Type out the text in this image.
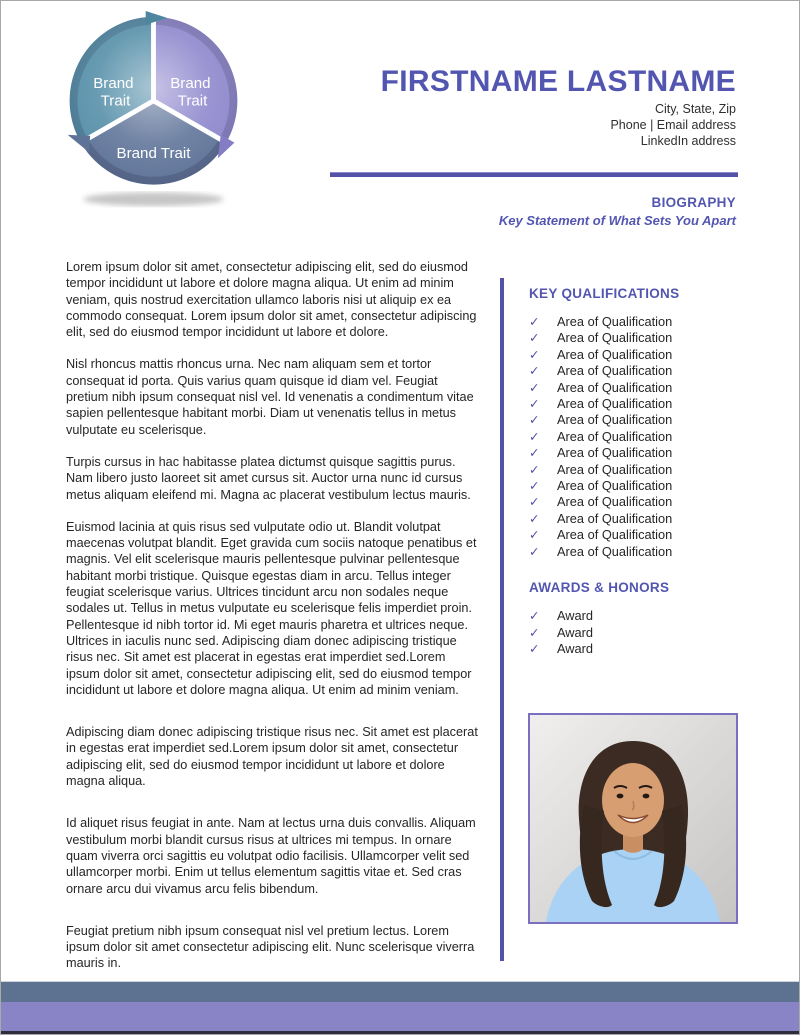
Brand Trait
Brand Trait
Brand Trait
FIRSTNAME LASTNAME
City, State, Zip
Phone | Email address
LinkedIn address
BIOGRAPHY
Key Statement of What Sets You Apart

Lorem ipsum dolor sit amet, consectetur adipiscing elit, sed do eiusmod tempor incididunt ut labore et dolore magna aliqua. Ut enim ad minim veniam, quis nostrud exercitation ullamco laboris nisi ut aliquip ex ea commodo consequat. Lorem ipsum dolor sit amet, consectetur adipiscing elit, sed do eiusmod tempor incididunt ut labore et dolore.

Nisl rhoncus mattis rhoncus urna. Nec nam aliquam sem et tortor consequat id porta. Quis varius quam quisque id diam vel. Feugiat pretium nibh ipsum consequat nisl vel. Id venenatis a condimentum vitae sapien pellentesque habitant morbi. Diam ut venenatis tellus in metus vulputate eu scelerisque.

Turpis cursus in hac habitasse platea dictumst quisque sagittis purus. Nam libero justo laoreet sit amet cursus sit. Auctor urna nunc id cursus metus aliquam eleifend mi. Magna ac placerat vestibulum lectus mauris.

Euismod lacinia at quis risus sed vulputate odio ut. Blandit volutpat maecenas volutpat blandit. Eget gravida cum sociis natoque penatibus et magnis. Vel elit scelerisque mauris pellentesque pulvinar pellentesque habitant morbi tristique. Quisque egestas diam in arcu. Tellus integer feugiat scelerisque varius. Ultrices tincidunt arcu non sodales neque sodales ut. Tellus in metus vulputate eu scelerisque felis imperdiet proin. Pellentesque id nibh tortor id. Mi eget mauris pharetra et ultrices neque. Ultrices in iaculis nunc sed. Adipiscing diam donec adipiscing tristique risus nec. Sit amet est placerat in egestas erat imperdiet sed.Lorem ipsum dolor sit amet, consectetur adipiscing elit, sed do eiusmod tempor incididunt ut labore et dolore magna aliqua. Ut enim ad minim veniam.

Adipiscing diam donec adipiscing tristique risus nec. Sit amet est placerat in egestas erat imperdiet sed.Lorem ipsum dolor sit amet, consectetur adipiscing elit, sed do eiusmod tempor incididunt ut labore et dolore magna aliqua.

Id aliquet risus feugiat in ante. Nam at lectus urna duis convallis. Aliquam vestibulum morbi blandit cursus risus at ultrices mi tempus. In ornare quam viverra orci sagittis eu volutpat odio facilisis. Ullamcorper velit sed ullamcorper morbi. Enim ut tellus elementum sagittis vitae et. Sed cras ornare arcu dui vivamus arcu felis bibendum.

Feugiat pretium nibh ipsum consequat nisl vel pretium lectus. Lorem ipsum dolor sit amet consectetur adipiscing elit. Nunc scelerisque viverra mauris in.

KEY QUALIFICATIONS
✓ Area of Qualification
✓ Area of Qualification
✓ Area of Qualification
✓ Area of Qualification
✓ Area of Qualification
✓ Area of Qualification
✓ Area of Qualification
✓ Area of Qualification
✓ Area of Qualification
✓ Area of Qualification
✓ Area of Qualification
✓ Area of Qualification
✓ Area of Qualification
✓ Area of Qualification
✓ Area of Qualification
AWARDS & HONORS
✓ Award
✓ Award
✓ Award
